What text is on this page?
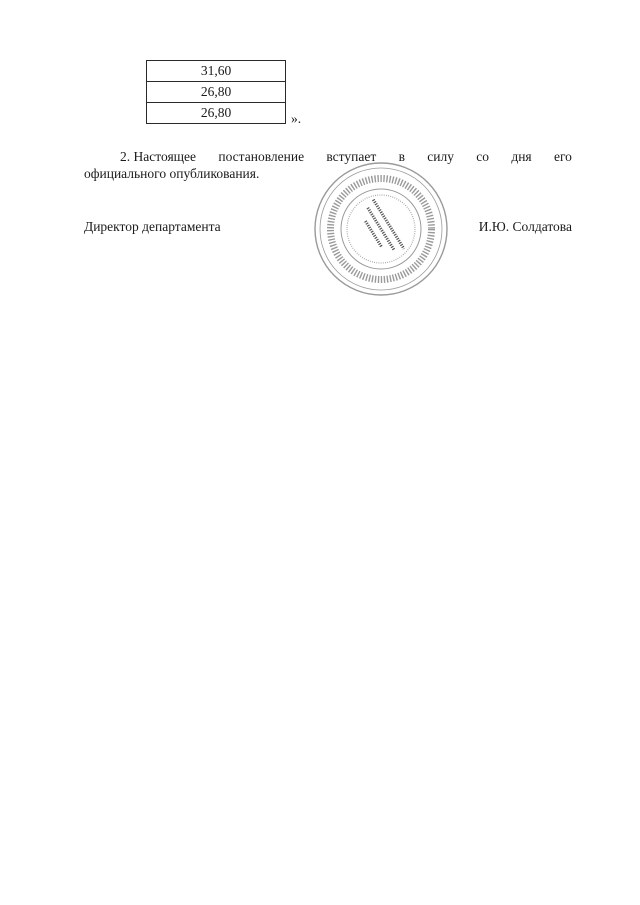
31,60
26,80
26,80	».
2. Настоящее постановление вступает в силу со дня его
официального опубликования.
Директор департамента	И.Ю. Солдатова
